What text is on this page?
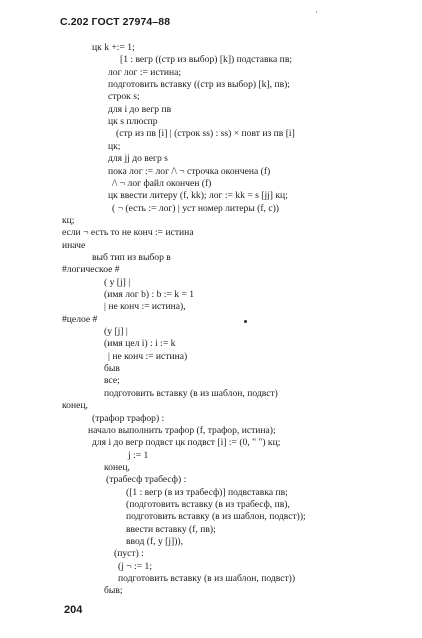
С.202 ГОСТ 27974–88
'
цк k +:= 1;
[1 : вегр ((стр из выбор) [k]) подставка пв;
лог лог := истина;
подготовить вставку ((стр из выбор) [k], пв);
строк s;
для i до вегр пв
цк s плюспр
(стр из пв [i] | (строк ss) : ss) × повт из пв [i]
цк;
для jj до вегр s
пока лог := лог /\ ¬ строчка окончена (f)
/\ ¬ лог файл окончен (f)
цк ввести литеру (f, kk); лог := kk = s [jj] кц;
( ¬ (есть := лог) | уст номер литеры (f, c))
кц;
если ¬ есть то не конч := истина
иначе
выб тип из выбор в
#логическое #
( у [j] |
(имя лог b) : b := k = 1
| не конч := истина),
#целое #
(у [j] |
(имя цел i) : i := k
| не конч := истина)
быв
все;
подготовить вставку (в из шаблон, подвст)
конец,
(трафор трафор) :
начало выполнить трафор (f, трафор, истина);
для i до вегр подвст цк подвст [i] := (0, " ") кц;
j := 1
конец,
(трабесф трабесф) :
([1 : вегр (в из трабесф)] подвставка пв;
(подготовить вставку (в из трабесф, пв),
подготовить вставку (в из шаблон, подвст));
ввести вставку (f, пв);
ввод (f, у [j])),
(пуст) :
(j ¬ := 1;
подготовить вставку (в из шаблон, подвст))
быв;
204
